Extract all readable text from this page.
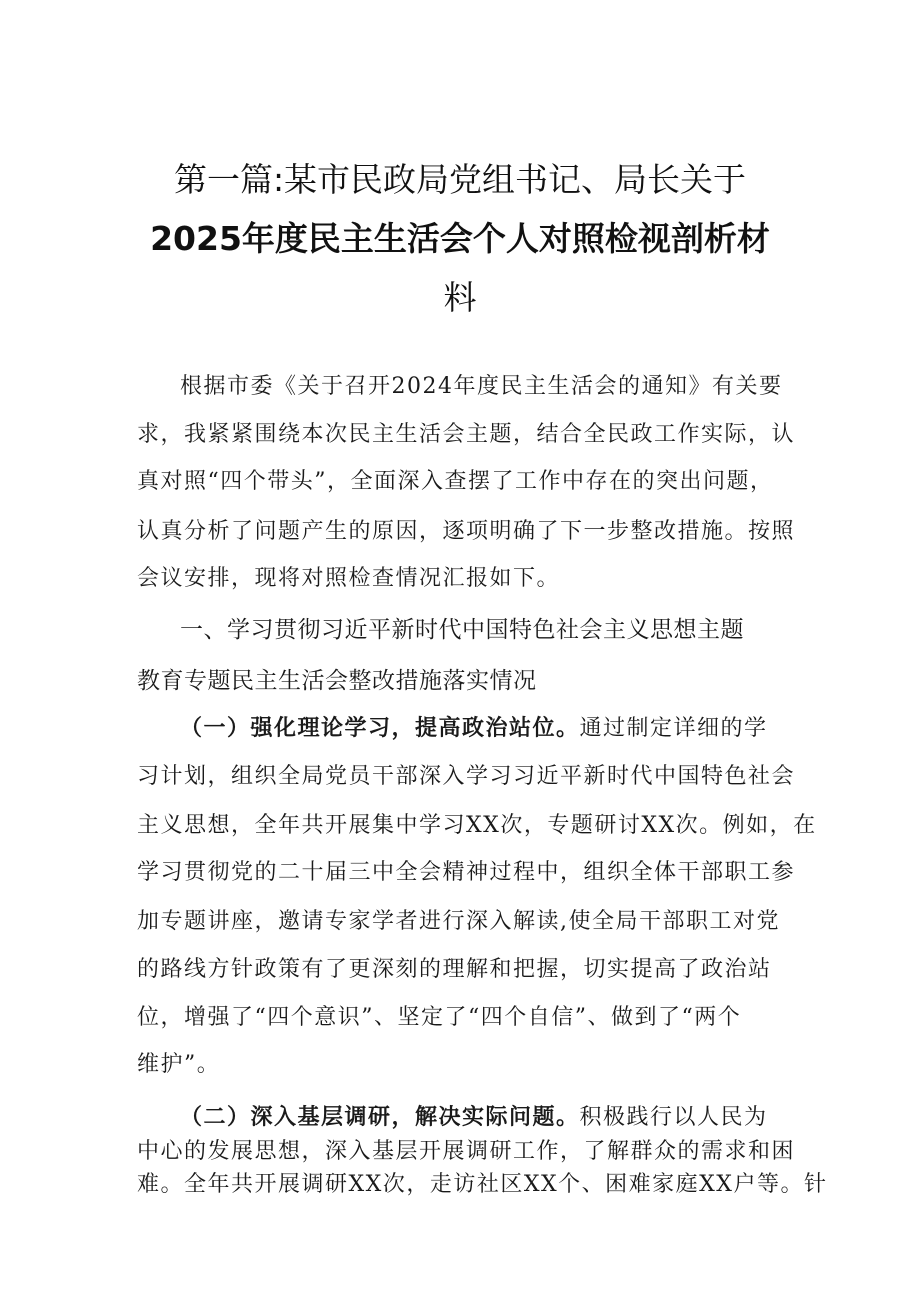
第一篇:某市民政局党组书记、局长关于
2025年度民主生活会个人对照检视剖析材
料
根据市委《关于召开2024年度民主生活会的通知》有关要
求，我紧紧围绕本次民主生活会主题，结合全民政工作实际，认
真对照“四个带头”，全面深入查摆了工作中存在的突出问题，
认真分析了问题产生的原因，逐项明确了下一步整改措施。按照
会议安排，现将对照检查情况汇报如下。
一、学习贯彻习近平新时代中国特色社会主义思想主题
教育专题民主生活会整改措施落实情况
（一）强化理论学习，提高政治站位。通过制定详细的学
习计划，组织全局党员干部深入学习习近平新时代中国特色社会
主义思想，全年共开展集中学习XX次，专题研讨XX次。例如，在
学习贯彻党的二十届三中全会精神过程中，组织全体干部职工参
加专题讲座，邀请专家学者进行深入解读,使全局干部职工对党
的路线方针政策有了更深刻的理解和把握，切实提高了政治站
位，增强了“四个意识”、坚定了“四个自信”、做到了“两个
维护”。
（二）深入基层调研，解决实际问题。积极践行以人民为
中心的发展思想，深入基层开展调研工作，了解群众的需求和困
难。全年共开展调研XX次，走访社区XX个、困难家庭XX户等。针
